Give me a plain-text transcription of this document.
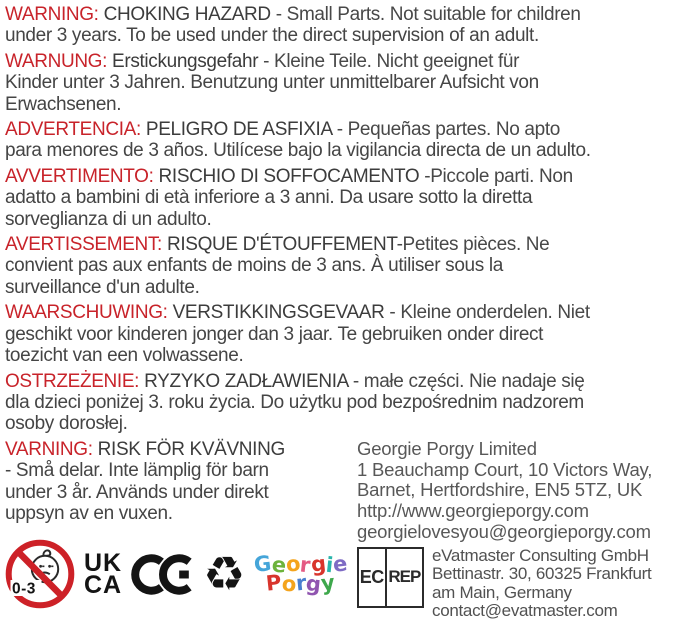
WARNING: CHOKING HAZARD - Small Parts. Not suitable for children
under 3 years. To be used under the direct supervision of an adult.

WARNUNG: Erstickungsgefahr - Kleine Teile. Nicht geeignet für
Kinder unter 3 Jahren. Benutzung unter unmittelbarer Aufsicht von
Erwachsenen.

ADVERTENCIA: PELIGRO DE ASFIXIA - Pequeñas partes. No apto
para menores de 3 años. Utilícese bajo la vigilancia directa de un adulto.

AVVERTIMENTO: RISCHIO DI SOFFOCAMENTO -Piccole parti. Non
adatto a bambini di età inferiore a 3 anni. Da usare sotto la diretta
sorveglianza di un adulto.

AVERTISSEMENT: RISQUE D'ÉTOUFFEMENT-Petites pièces. Ne
convient pas aux enfants de moins de 3 ans. À utiliser sous la
surveillance d'un adulte.

WAARSCHUWING: VERSTIKKINGSGEVAAR - Kleine onderdelen. Niet
geschikt voor kinderen jonger dan 3 jaar. Te gebruiken onder direct
toezicht van een volwassene.

OSTRZEŻENIE: RYZYKO ZADŁAWIENIA - małe części. Nie nadaje się
dla dzieci poniżej 3. roku życia. Do użytku pod bezpośrednim nadzorem
osoby dorosłej.

VARNING: RISK FÖR KVÄVNING
- Små delar. Inte lämplig för barn
under 3 år. Används under direkt
uppsyn av en vuxen.

0-3
UK
CA ♻ Georgie
Porgy
Georgie Porgy Limited
1 Beauchamp Court, 10 Victors Way,
Barnet, Hertfordshire, EN5 5TZ, UK
http://www.georgieporgy.com
georgielovesyou@georgieporgy.com
EC REP
eVatmaster Consulting GmbH
Bettinastr. 30, 60325 Frankfurt
am Main, Germany
contact@evatmaster.com
